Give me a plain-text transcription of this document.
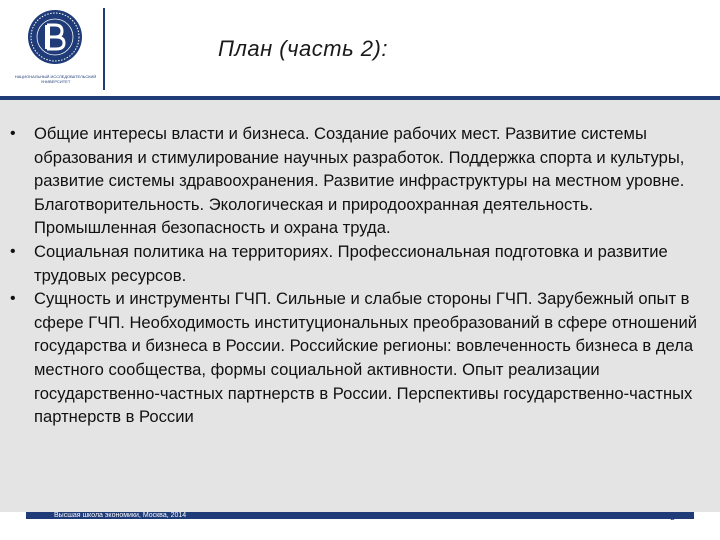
НАЦИОНАЛЬНЫЙ ИССЛЕДОВАТЕЛЬСКИЙ УНИВЕРСИТЕТ
План (часть 2):
• Общие интересы власти и бизнеса. Создание рабочих мест. Развитие системы образования и стимулирование научных разработок. Поддержка спорта и культуры, развитие системы здравоохранения. Развитие инфраструктуры на местном уровне. Благотворительность. Экологическая и природоохранная деятельность. Промышленная безопасность и охрана труда.
• Социальная политика на территориях. Профессиональная подготовка и развитие трудовых ресурсов.
• Сущность и инструменты ГЧП. Сильные и слабые стороны ГЧП. Зарубежный опыт в сфере ГЧП. Необходимость институциональных преобразований в сфере отношений государства и бизнеса в России. Российские регионы: вовлеченность бизнеса в дела местного сообщества, формы социальной активности. Опыт реализации государственно-частных партнерств в России. Перспективы государственно-частных партнерств в России
Высшая школа экономики, Москва, 2014	3
